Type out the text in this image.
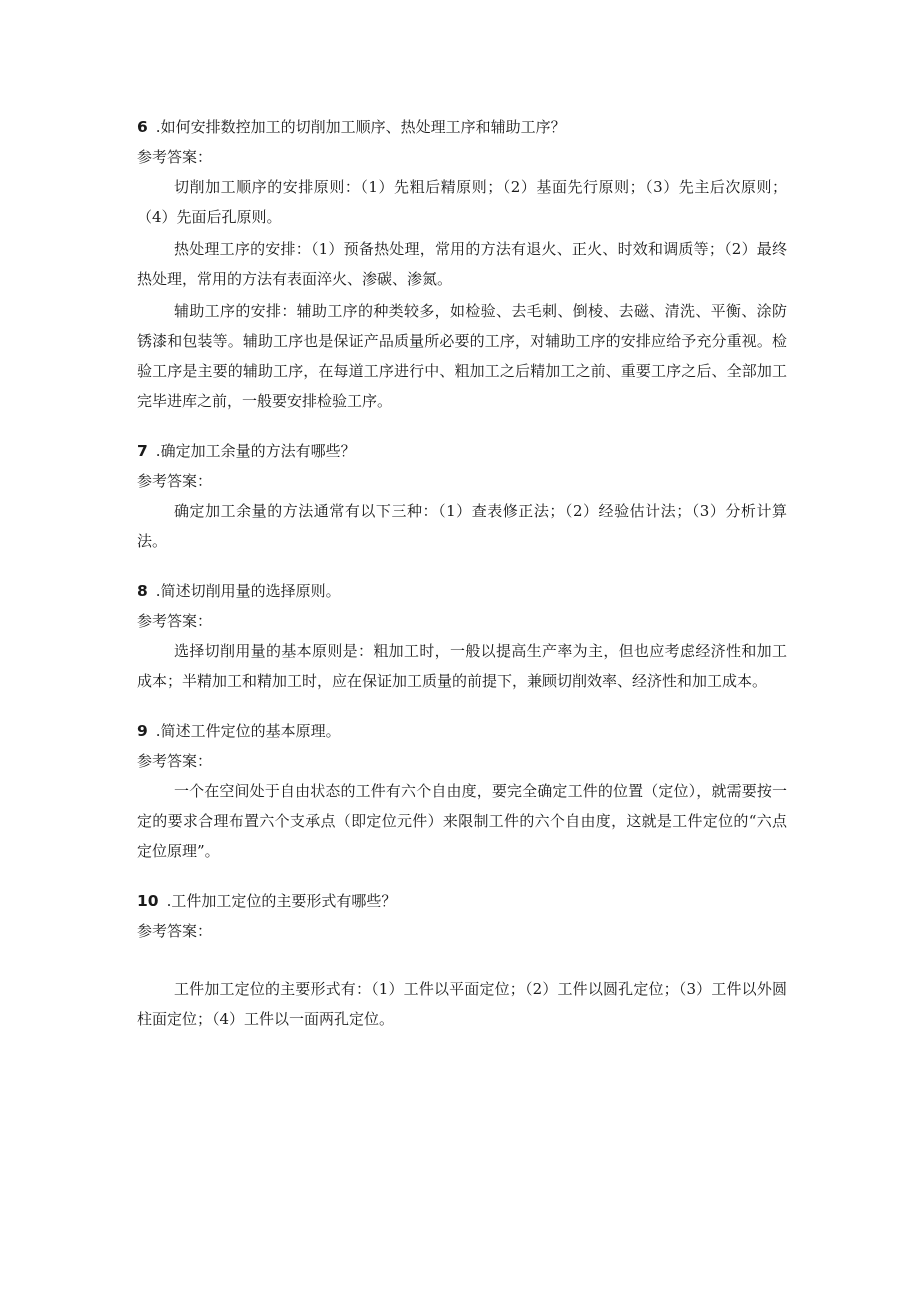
6 .如何安排数控加工的切削加工顺序、热处理工序和辅助工序？
参考答案：

切削加工顺序的安排原则：（1）先粗后精原则；（2）基面先行原则；（3）先主后次原则；（4）先面后孔原则。

热处理工序的安排：（1）预备热处理，常用的方法有退火、正火、时效和调质等；（2）最终热处理，常用的方法有表面淬火、渗碳、渗氮。

辅助工序的安排：辅助工序的种类较多，如检验、去毛刺、倒棱、去磁、清洗、平衡、涂防锈漆和包装等。辅助工序也是保证产品质量所必要的工序，对辅助工序的安排应给予充分重视。检验工序是主要的辅助工序，在每道工序进行中、粗加工之后精加工之前、重要工序之后、全部加工完毕进库之前，一般要安排检验工序。

7 .确定加工余量的方法有哪些？
参考答案：

确定加工余量的方法通常有以下三种：（1）查表修正法；（2）经验估计法；（3）分析计算法。

8 .简述切削用量的选择原则。
参考答案：

选择切削用量的基本原则是：粗加工时，一般以提高生产率为主，但也应考虑经济性和加工成本；半精加工和精加工时，应在保证加工质量的前提下，兼顾切削效率、经济性和加工成本。

9 .简述工件定位的基本原理。
参考答案：

一个在空间处于自由状态的工件有六个自由度，要完全确定工件的位置（定位），就需要按一定的要求合理布置六个支承点（即定位元件）来限制工件的六个自由度，这就是工件定位的“六点定位原理”。

10 .工件加工定位的主要形式有哪些？
参考答案：

工件加工定位的主要形式有：（1）工件以平面定位；（2）工件以圆孔定位；（3）工件以外圆柱面定位；（4）工件以一面两孔定位。
